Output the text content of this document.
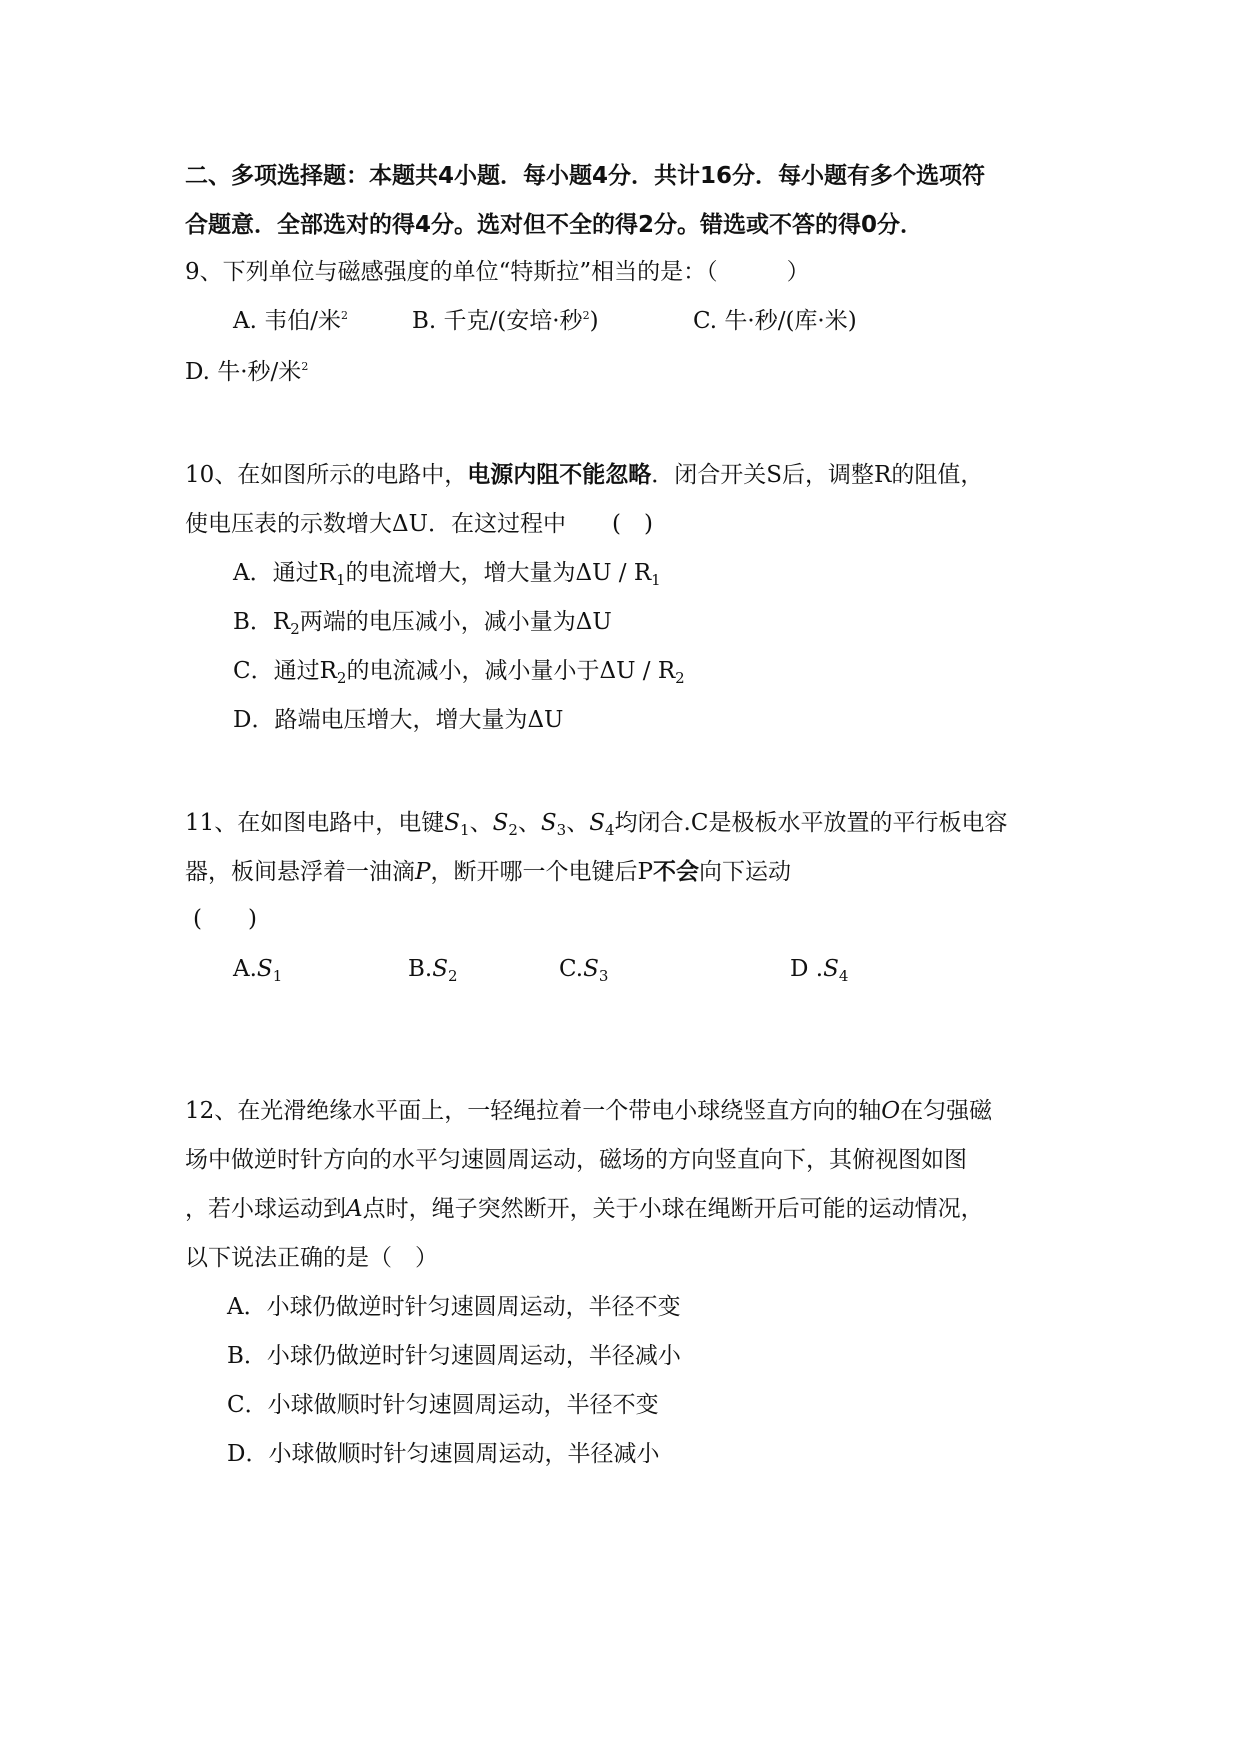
二、多项选择题：本题共4小题．每小题4分．共计16分．每小题有多个选项符
合题意．全部选对的得4分。选对但不全的得2分。错选或不答的得0分．
9、下列单位与磁感强度的单位“特斯拉”相当的是：（　　　）
A. 韦伯/米$^2$	B. 千克/(安培·秒$^2$)	C. 牛·秒/(库·米)
D. 牛·秒/米$^2$
10、在如图所示的电路中，电源内阻不能忽略．闭合开关S后，调整R的阻值，
使电压表的示数增大ΔU．在这过程中　　(　)
A．通过$R_1$的电流增大，增大量为ΔU / $R_1$
B．$R_2$两端的电压减小，减小量为ΔU
C．通过$R_2$的电流减小，减小量小于ΔU / $R_2$
D．路端电压增大，增大量为ΔU
11、在如图电路中，电键$S_1$、$S_2$、$S_3$、$S_4$均闭合.C是极板水平放置的平行板电容
器，板间悬浮着一油滴P，断开哪一个电键后P不会向下运动
(　　)
$A.S_1$	$B.S_2$	$C.S_3$	D $.S_4$
12、在光滑绝缘水平面上，一轻绳拉着一个带电小球绕竖直方向的轴O在匀强磁
场中做逆时针方向的水平匀速圆周运动，磁场的方向竖直向下，其俯视图如图
，若小球运动到A点时，绳子突然断开，关于小球在绳断开后可能的运动情况，
以下说法正确的是（　）
A．小球仍做逆时针匀速圆周运动，半径不变
B．小球仍做逆时针匀速圆周运动，半径减小
C．小球做顺时针匀速圆周运动，半径不变
D．小球做顺时针匀速圆周运动，半径减小
